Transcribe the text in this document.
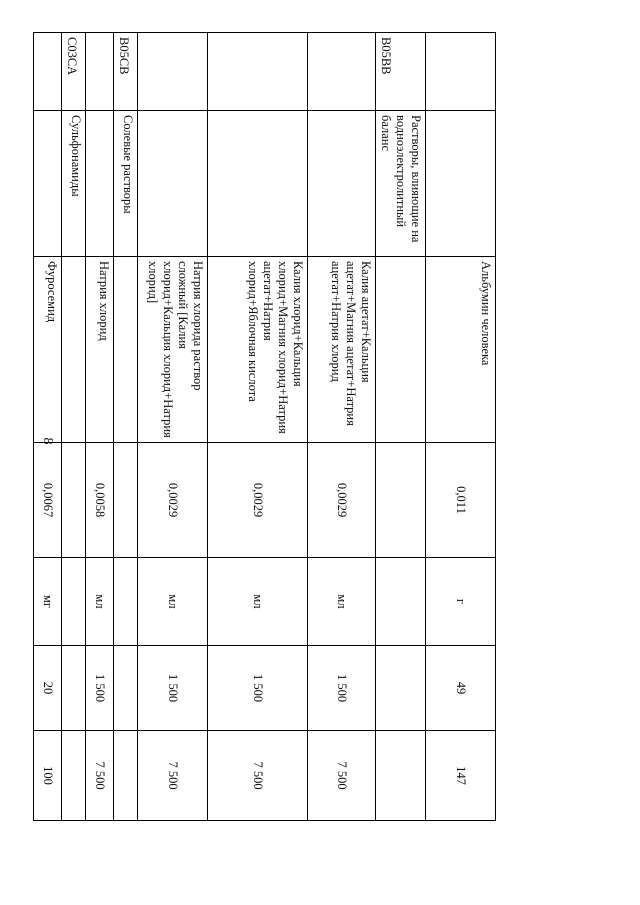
8
		Альбумин человека	0,011	г	49	147
B05BB	Растворы, влияющие на водноэлектролитный баланс					
		Калия ацетат+Кальция ацетат+Магния ацетат+Натрия ацетат+Натрия хлорид	0,0029	мл	1 500	7 500
		Калия хлорид+Кальция хлорид+Магния хлорид+Натрия ацетат+Натрия хлорид+Яблочная кислота	0,0029	мл	1 500	7 500
		Натрия хлорида раствор сложный [Калия хлорид+Кальция хлорид+Натрия хлорид]	0,0029	мл	1 500	7 500
B05CB	Солевые растворы					
		Натрия хлорид	0,0058	мл	1 500	7 500
C03CA	Сульфонамиды					
		Фуросемид	0,0067	мг	20	100
